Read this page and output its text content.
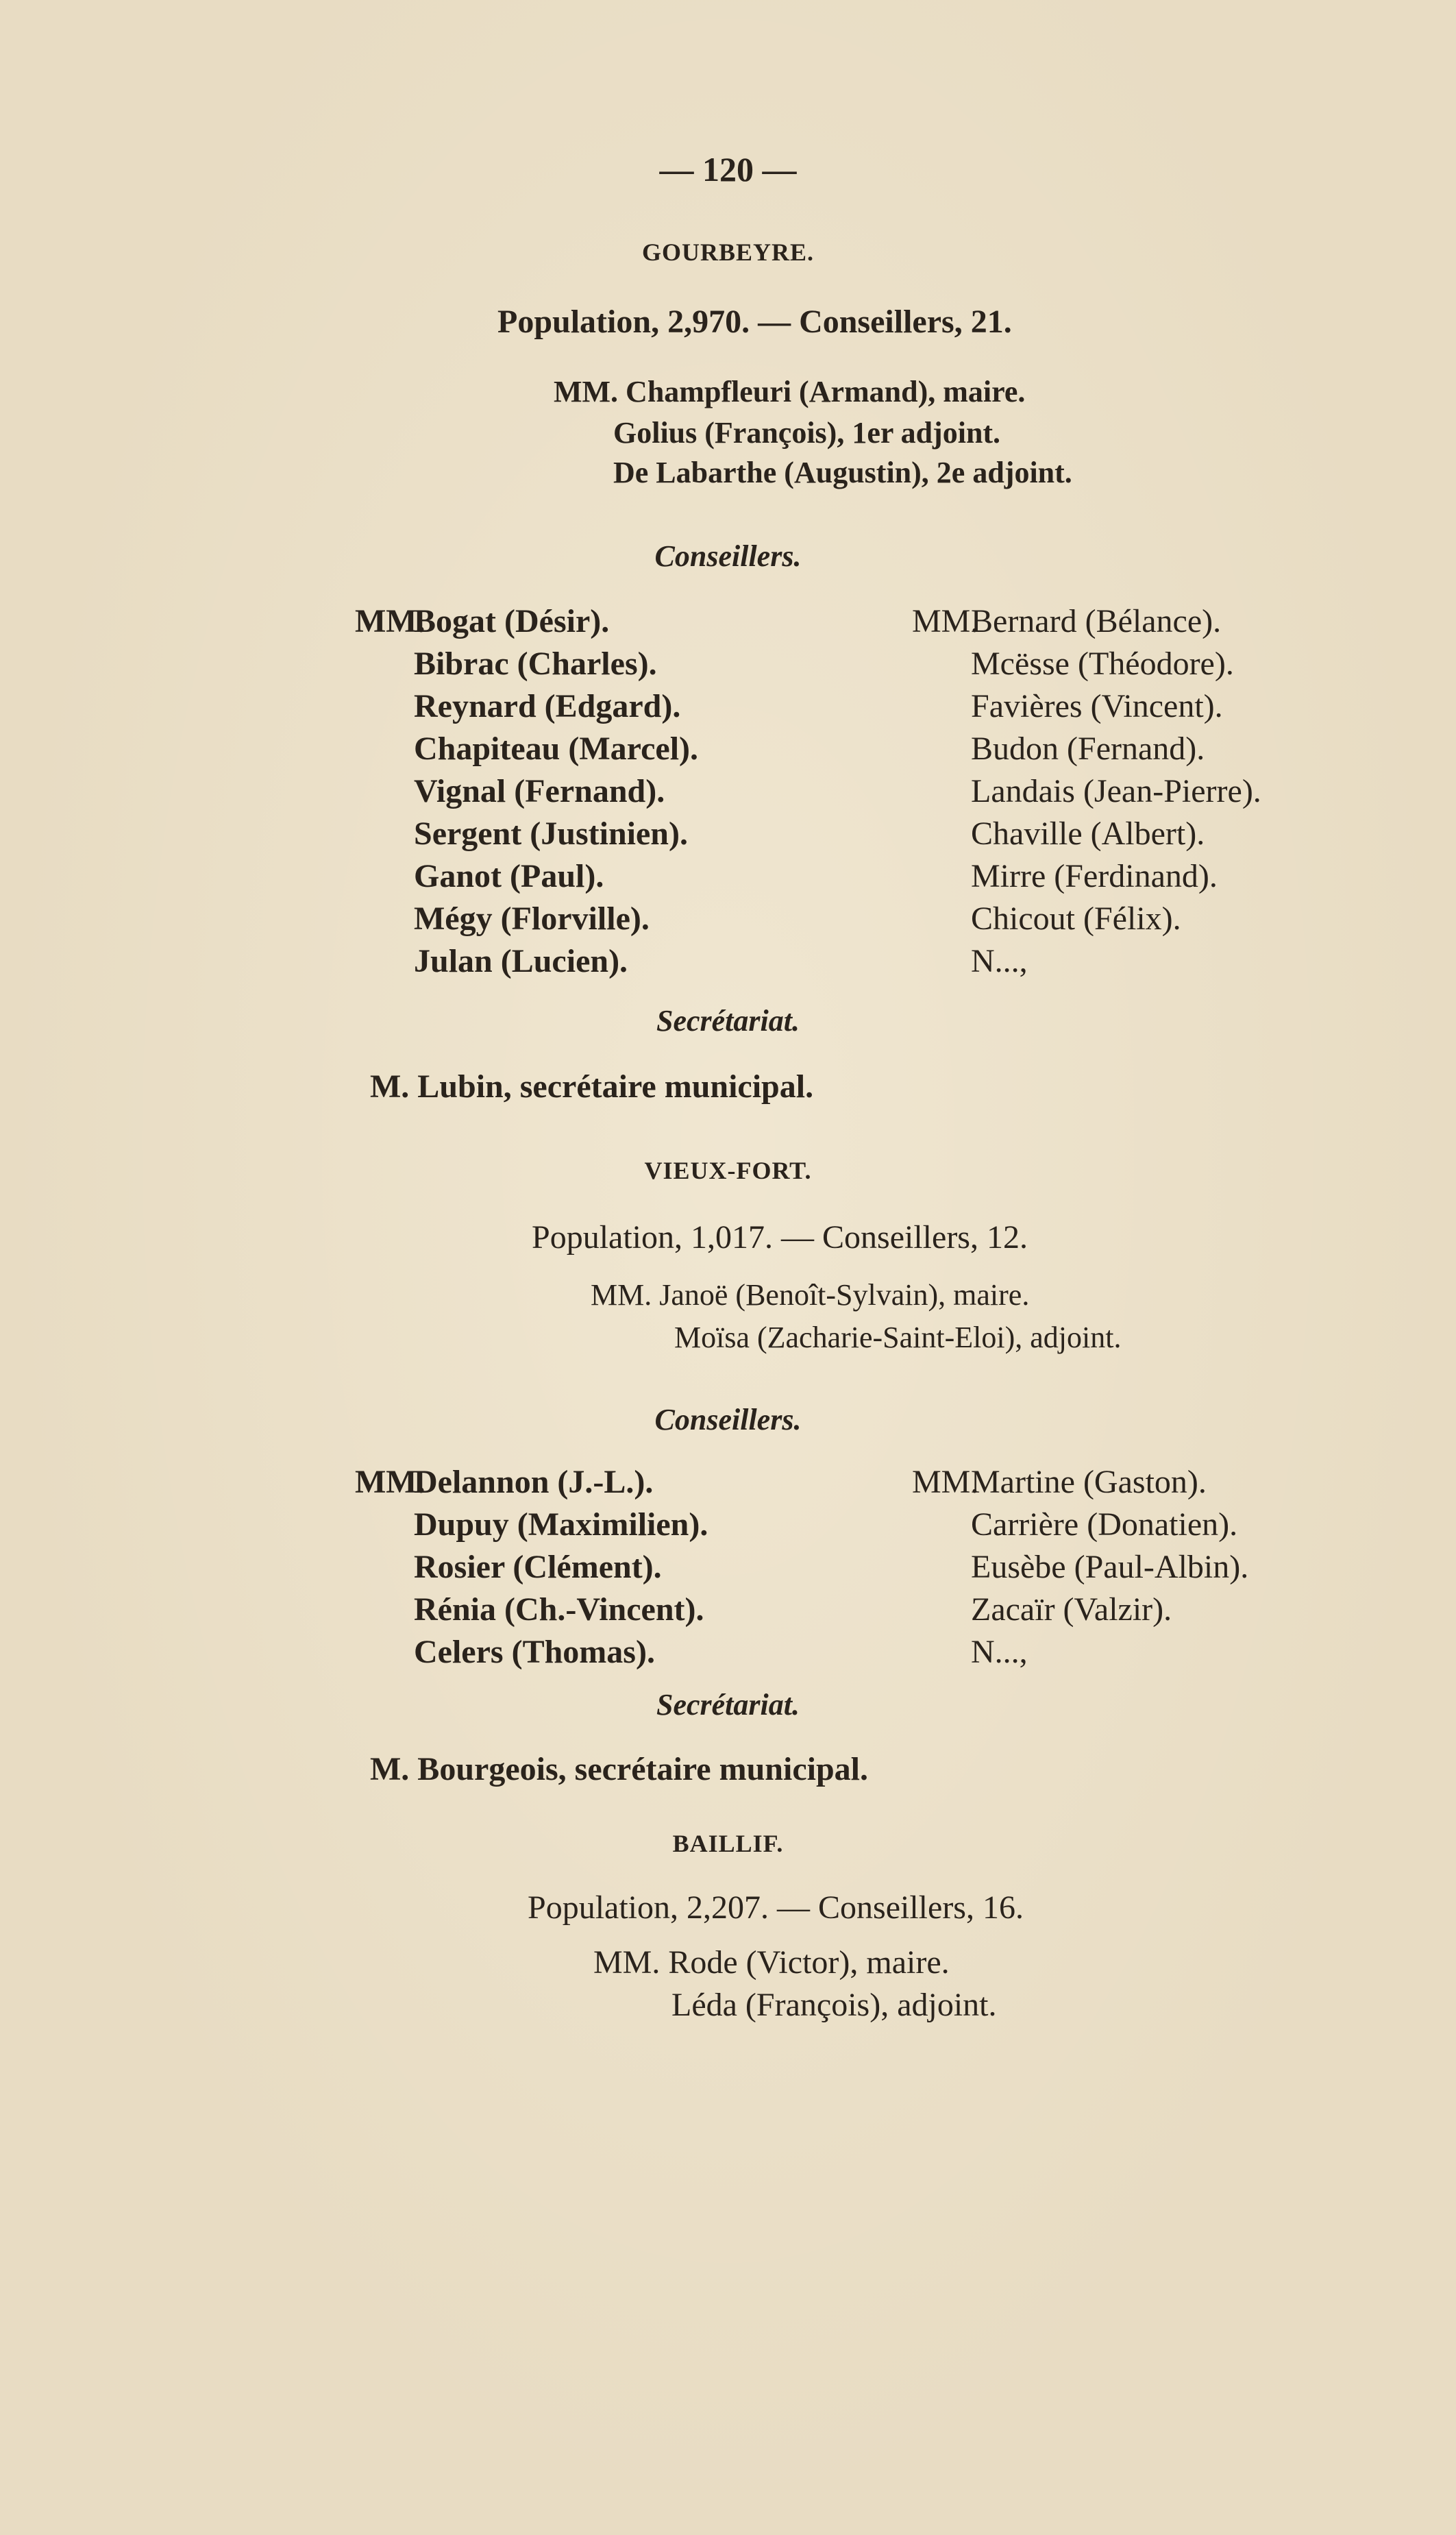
— 120 —
GOURBEYRE.
Population, 2,970. — Conseillers, 21.
MM. Champfleuri (Armand), maire.
Golius (François), 1er adjoint.
De Labarthe (Augustin), 2e adjoint.
Conseillers.
MM.Bogat (Désir).
Bibrac (Charles).
Reynard (Edgard).
Chapiteau (Marcel).
Vignal (Fernand).
Sergent (Justinien).
Ganot (Paul).
Mégy (Florville).
Julan (Lucien).
MM.Bernard (Bélance).
Mcësse (Théodore).
Favières (Vincent).
Budon (Fernand).
Landais (Jean-Pierre).
Chaville (Albert).
Mirre (Ferdinand).
Chicout (Félix).
N...,
Secrétariat.
M. Lubin, secrétaire municipal.
VIEUX-FORT.
Population, 1,017. — Conseillers, 12.
MM. Janoë (Benoît-Sylvain), maire.
Moïsa (Zacharie-Saint-Eloi), adjoint.
Conseillers.
MM.Delannon (J.-L.).
Dupuy (Maximilien).
Rosier (Clément).
Rénia (Ch.-Vincent).
Celers (Thomas).
MM.Martine (Gaston).
Carrière (Donatien).
Eusèbe (Paul-Albin).
Zacaïr (Valzir).
N...,
Secrétariat.
M. Bourgeois, secrétaire municipal.
BAILLIF.
Population, 2,207. — Conseillers, 16.
MM. Rode (Victor), maire.
Léda (François), adjoint.
